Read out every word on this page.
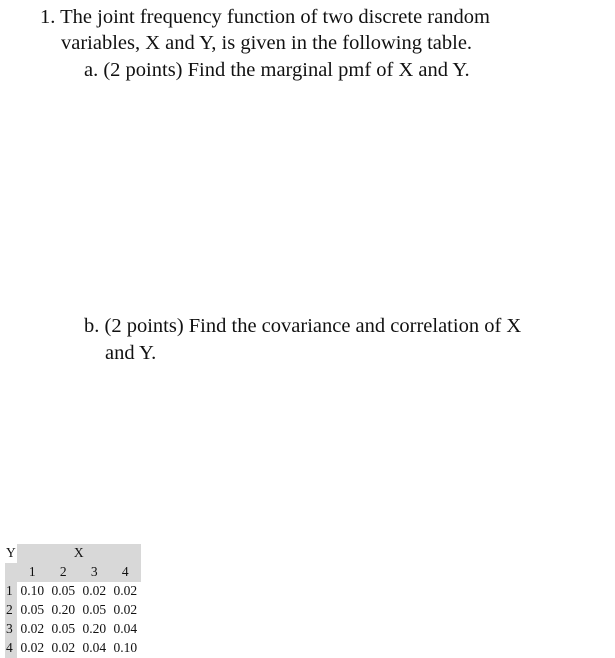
1. The joint frequency function of two discrete random

variables, X and Y, is given in the following table.

a. (2 points) Find the marginal pmf of X and Y.

b. (2 points) Find the covariance and correlation of X

and Y.

Y	X			
	1	2	3	4
1	0.10	0.05	0.02	0.02
2	0.05	0.20	0.05	0.02
3	0.02	0.05	0.20	0.04
4	0.02	0.02	0.04	0.10
